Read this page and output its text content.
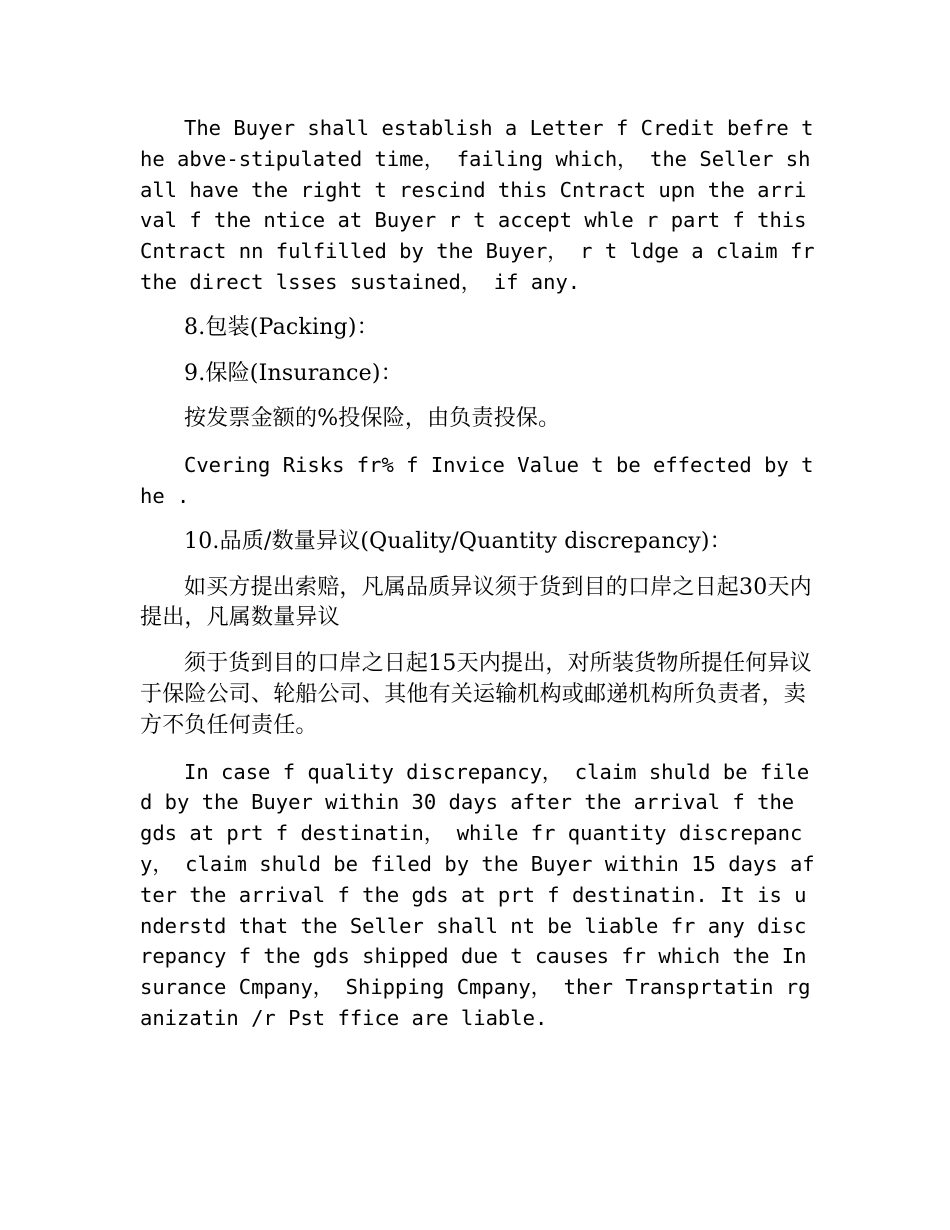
The Buyer shall establish a Letter f Credit befre the abve-stipulated time， failing which， the Seller shall have the right t rescind this Cntract upn the arrival f the ntice at Buyer r t accept whle r part f this Cntract nn fulfilled by the Buyer， r t ldge a claim fr the direct lsses sustained， if any.

8.包装(Packing)：

9.保险(Insurance)：

按发票金额的%投保险，由负责投保。

Cvering Risks fr% f Invice Value t be effected by the .

10.品质/数量异议(Quality/Quantity discrepancy)：

如买方提出索赔，凡属品质异议须于货到目的口岸之日起30天内提出，凡属数量异议

须于货到目的口岸之日起15天内提出，对所装货物所提任何异议于保险公司、轮船公司、其他有关运输机构或邮递机构所负责者，卖方不负任何责任。

In case f quality discrepancy， claim shuld be filed by the Buyer within 30 days after the arrival f the gds at prt f destinatin， while fr quantity discrepancy， claim shuld be filed by the Buyer within 15 days after the arrival f the gds at prt f destinatin. It is understd that the Seller shall nt be liable fr any discrepancy f the gds shipped due t causes fr which the Insurance Cmpany， Shipping Cmpany， ther Transprtatin rganizatin /r Pst ffice are liable.
